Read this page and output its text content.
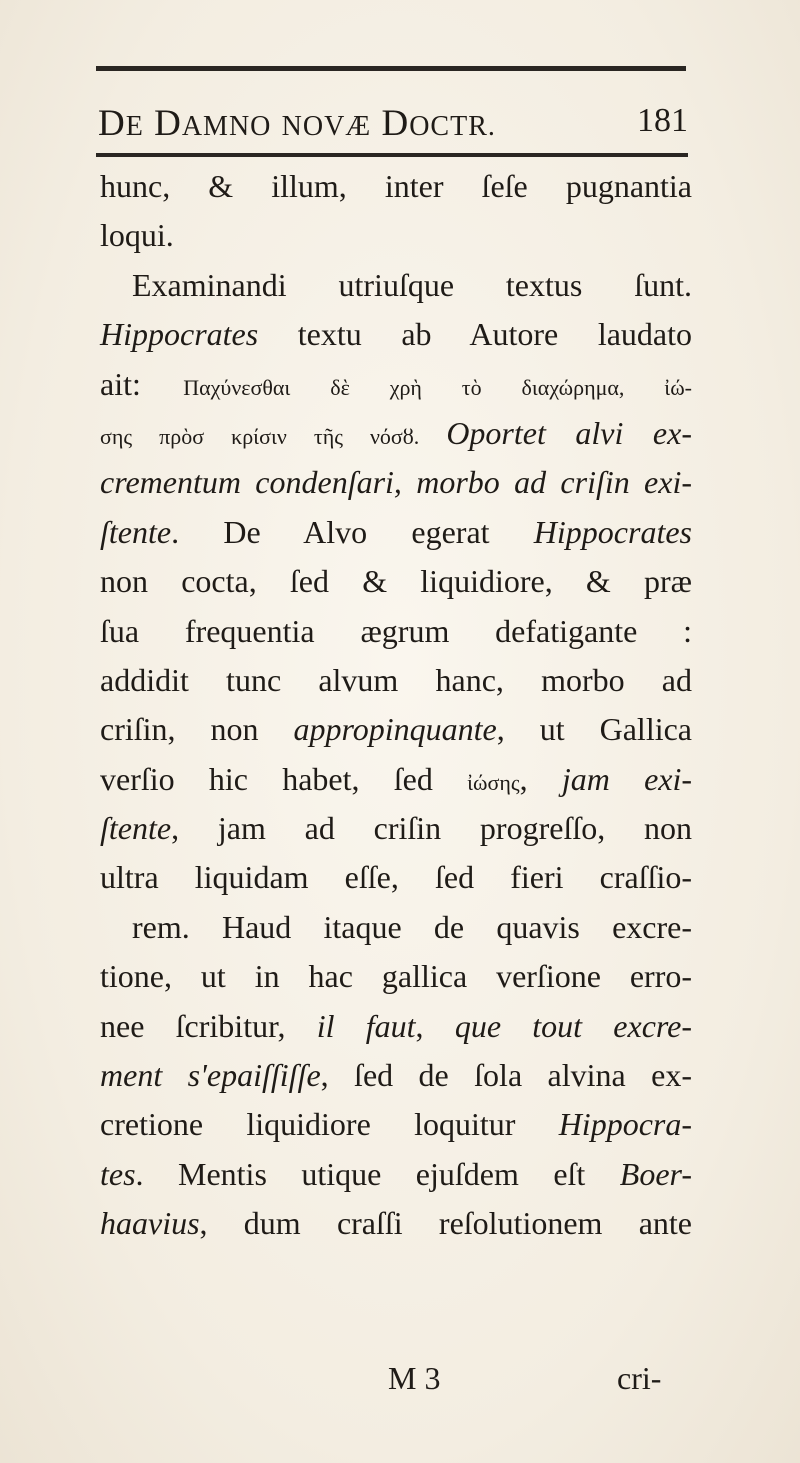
DE DAMNO NOVÆ DOCTR.	181
hunc, & illum, inter ſeſe pugnantia
loqui.
Examinandi utriuſque textus ſunt.
Hippocrates textu ab Autore laudato
ait: Παχύνεσθαι δὲ χρὴ τὸ διαχώρημα, ἰώ-
σης πρὸσ κρίσιν τῆς νόσȣ. Oportet alvi ex-
crementum condenſari, morbo ad criſin exi-
ſtente. De Alvo egerat Hippocrates
non cocta, ſed & liquidiore, & præ
ſua frequentia ægrum defatigante :
addidit tunc alvum hanc, morbo ad
criſin, non appropinquante, ut Gallica
verſio hic habet, ſed ἰώσης, jam exi-
ſtente, jam ad criſin progreſſo, non
ultra liquidam eſſe, ſed fieri craſſio-
rem. Haud itaque de quavis excre-
tione, ut in hac gallica verſione erro-
nee ſcribitur, il faut, que tout excre-
ment s'epaiſſiſſe, ſed de ſola alvina ex-
cretione liquidiore loquitur Hippocra-
tes. Mentis utique ejuſdem eſt Boer-
haavius, dum craſſi reſolutionem ante
M 3	cri-
